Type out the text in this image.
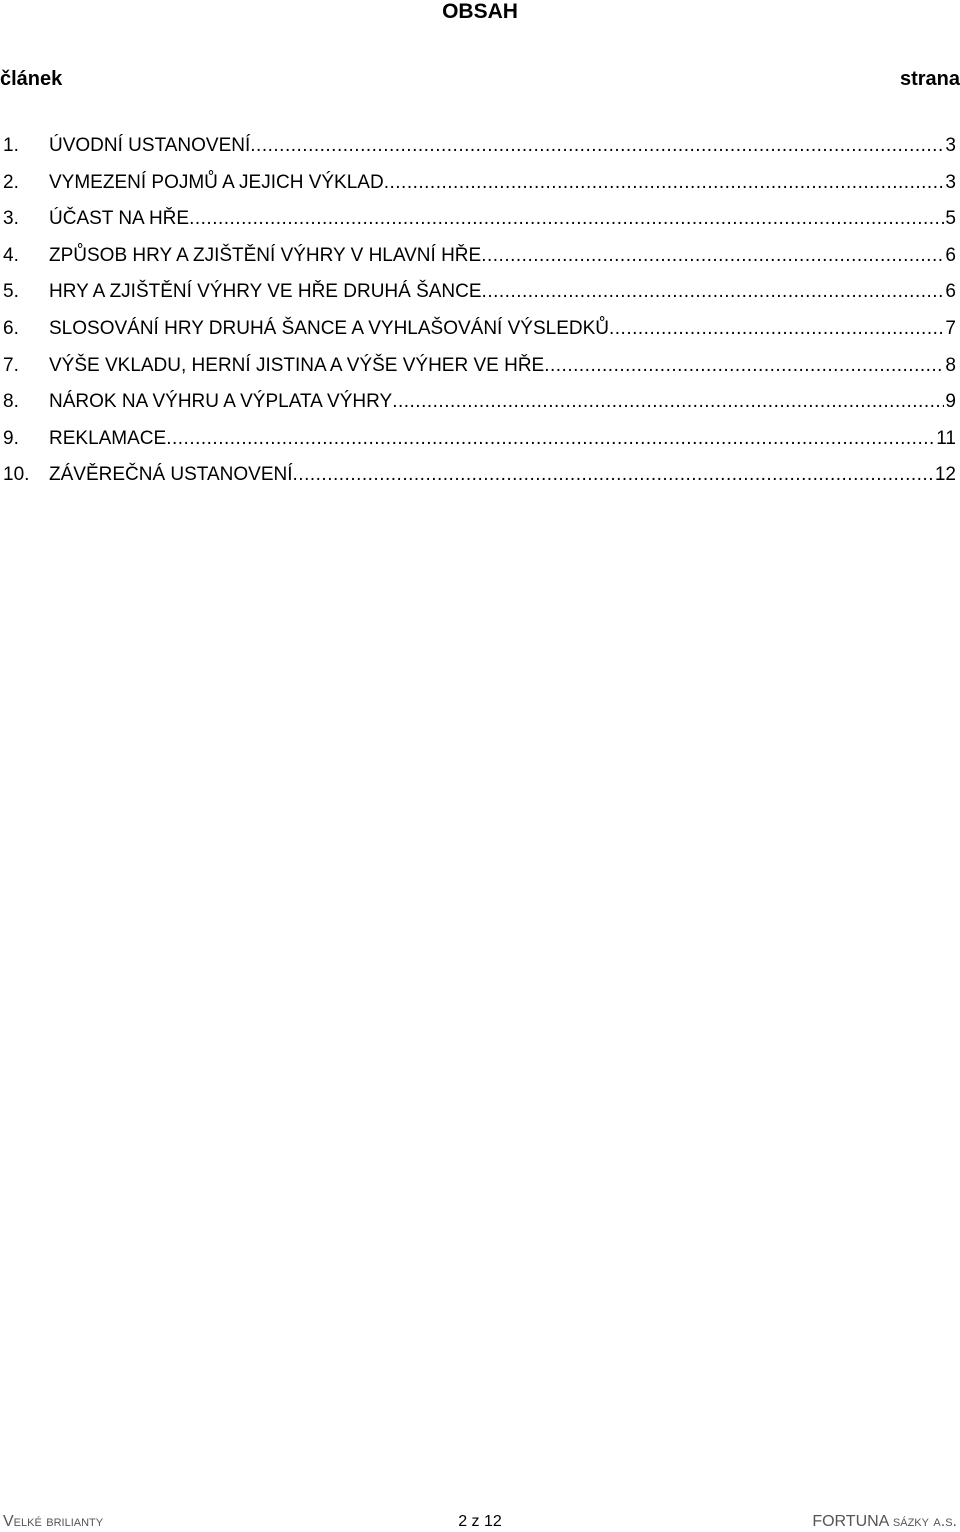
OBSAH
článek	strana
1.	ÚVODNÍ USTANOVENÍ .....	3
2.	VYMEZENÍ POJMŮ A JEJICH VÝKLAD .....	3
3.	ÚČAST NA HŘE .....	5
4.	ZPŮSOB HRY A ZJIŠTĚNÍ VÝHRY V HLAVNÍ HŘE .....	6
5.	HRY A ZJIŠTĚNÍ VÝHRY VE HŘE DRUHÁ ŠANCE .....	6
6.	SLOSOVÁNÍ HRY DRUHÁ ŠANCE A VYHLAŠOVÁNÍ VÝSLEDKŮ .....	7
7.	VÝŠE VKLADU, HERNÍ JISTINA A VÝŠE VÝHER VE HŘE .....	8
8.	NÁROK NA VÝHRU A VÝPLATA VÝHRY .....	9
9.	REKLAMACE .....	11
10.	ZÁVĚREČNÁ USTANOVENÍ .....	12
Velké brilianty	2 z 12	FORTUNA sázky a.s.
